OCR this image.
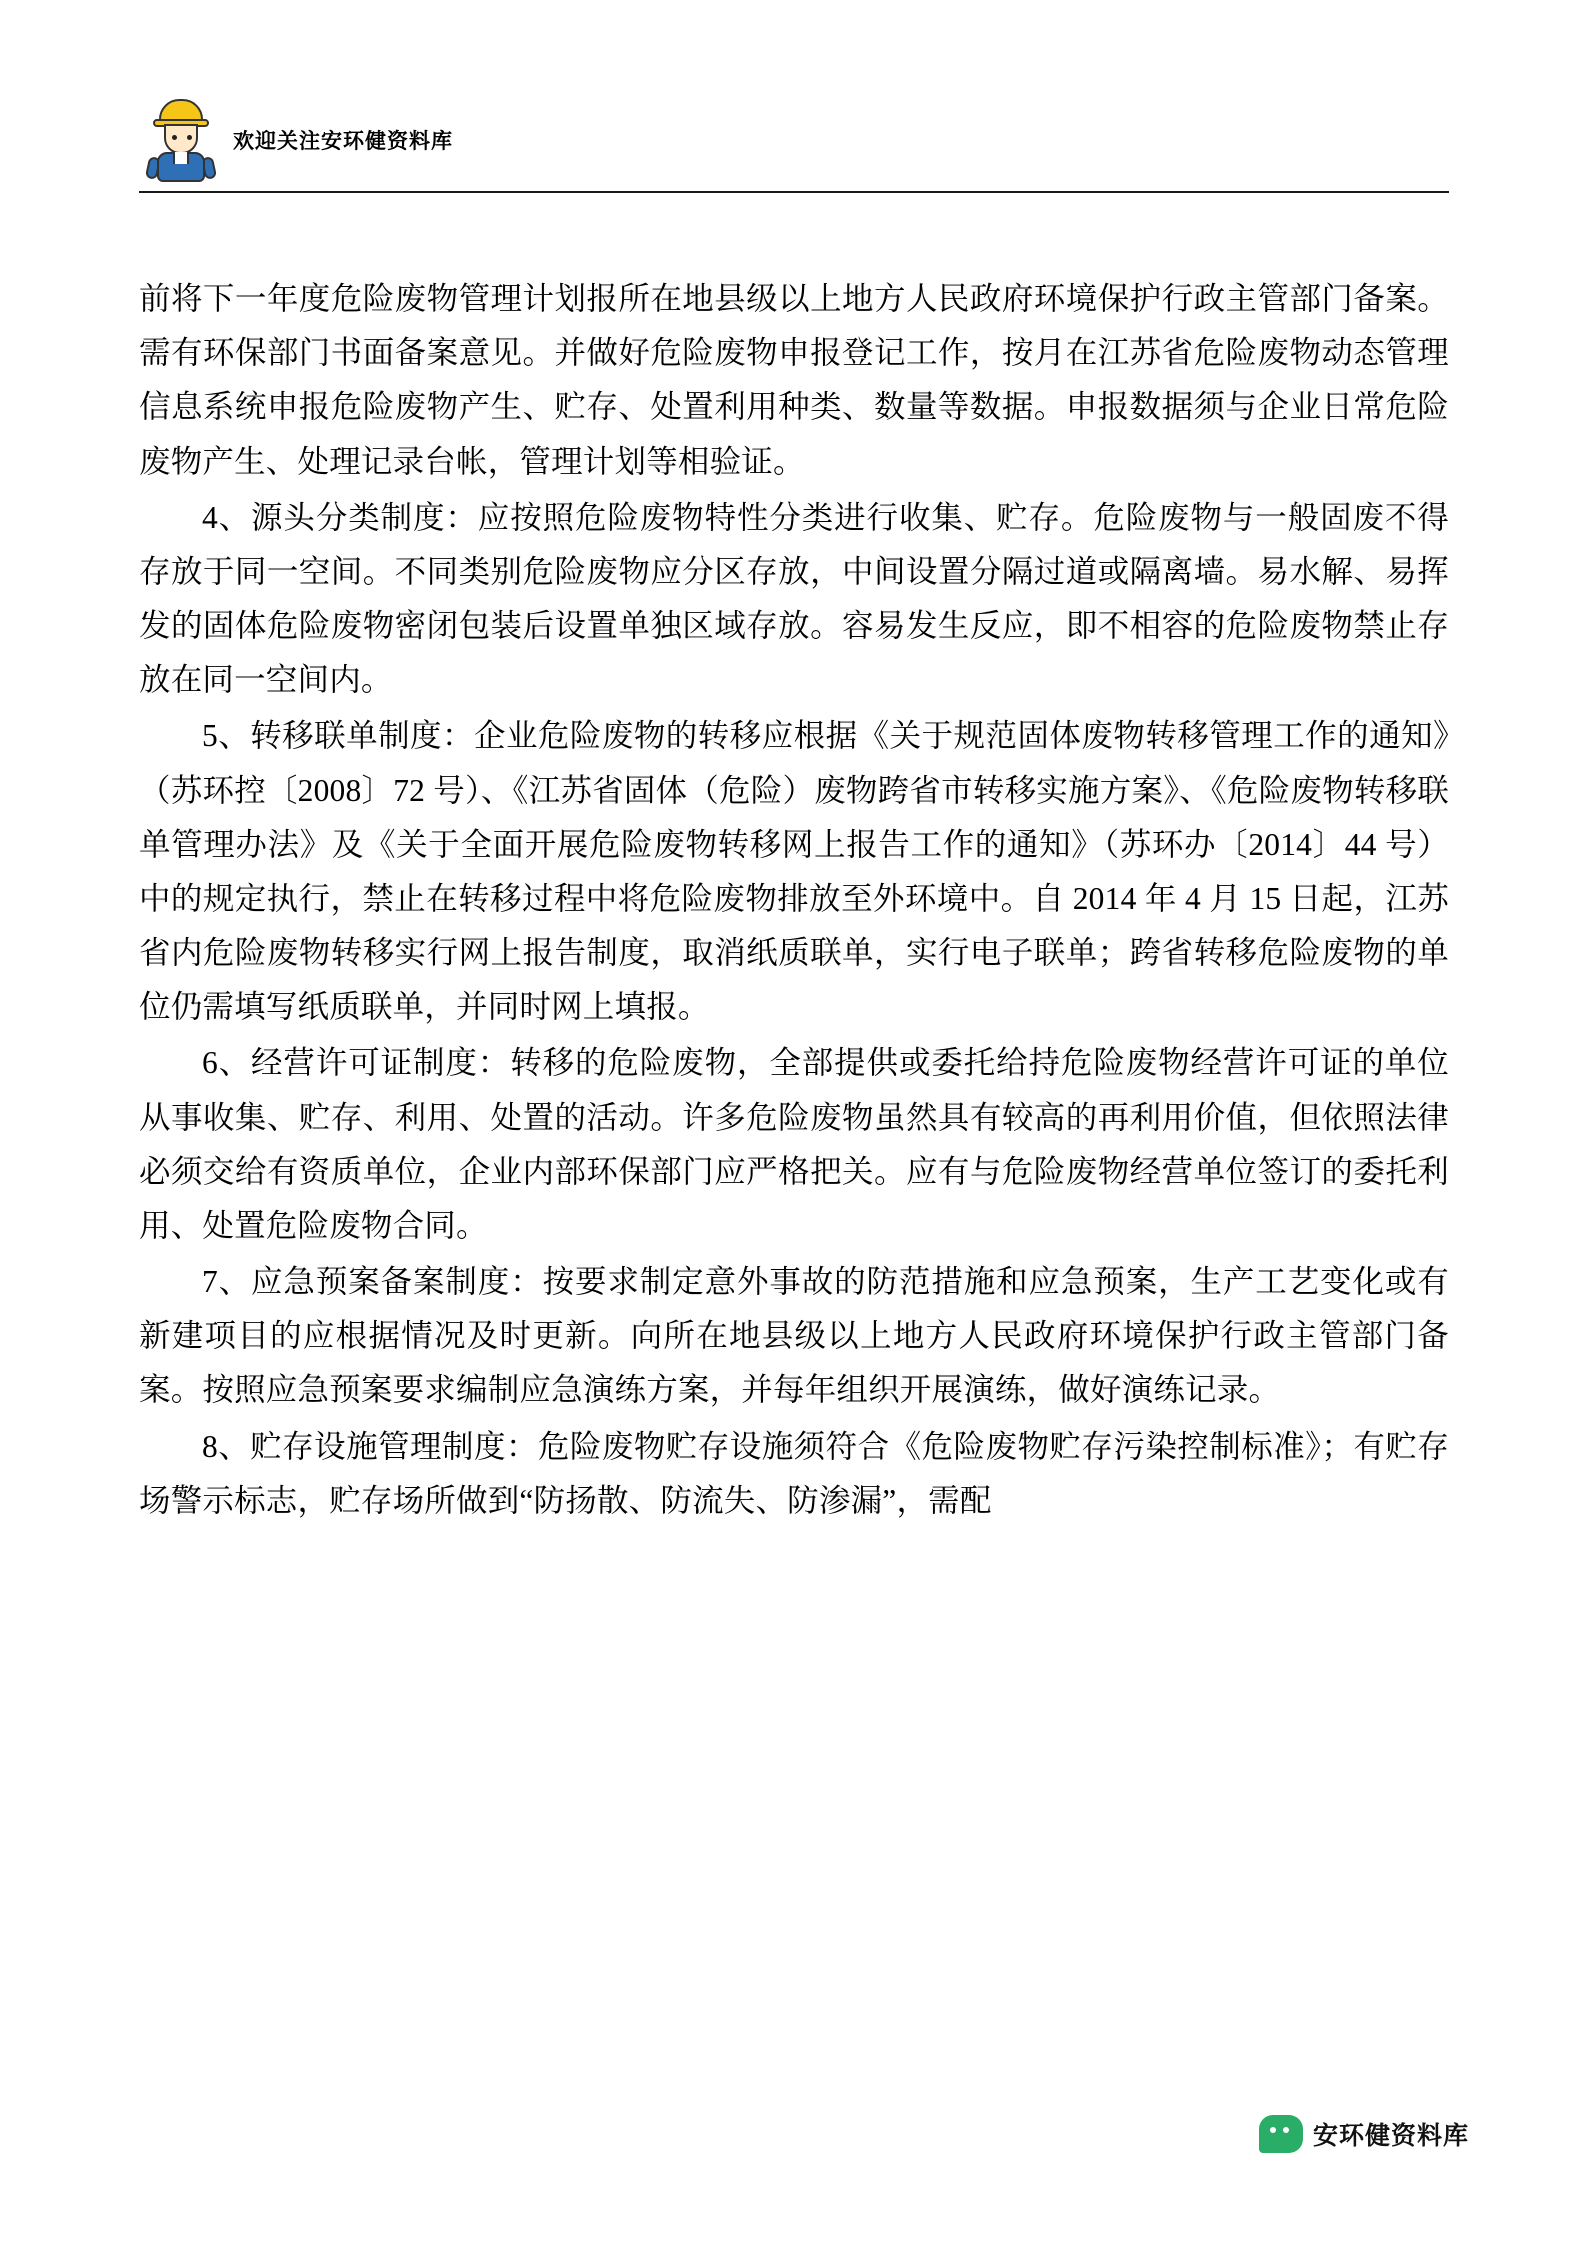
欢迎关注安环健资料库

前将下一年度危险废物管理计划报所在地县级以上地方人民政府环境保护行政主管部门备案。需有环保部门书面备案意见。并做好危险废物申报登记工作，按月在江苏省危险废物动态管理信息系统申报危险废物产生、贮存、处置利用种类、数量等数据。申报数据须与企业日常危险废物产生、处理记录台帐，管理计划等相验证。

4、源头分类制度：应按照危险废物特性分类进行收集、贮存。危险废物与一般固废不得存放于同一空间。不同类别危险废物应分区存放，中间设置分隔过道或隔离墙。易水解、易挥发的固体危险废物密闭包装后设置单独区域存放。容易发生反应，即不相容的危险废物禁止存放在同一空间内。

5、转移联单制度：企业危险废物的转移应根据《关于规范固体废物转移管理工作的通知》（苏环控〔2008〕72 号）、《江苏省固体（危险）废物跨省市转移实施方案》、《危险废物转移联单管理办法》及《关于全面开展危险废物转移网上报告工作的通知》（苏环办〔2014〕44 号）中的规定执行，禁止在转移过程中将危险废物排放至外环境中。自 2014 年 4 月 15 日起，江苏省内危险废物转移实行网上报告制度，取消纸质联单，实行电子联单；跨省转移危险废物的单位仍需填写纸质联单，并同时网上填报。

6、经营许可证制度：转移的危险废物，全部提供或委托给持危险废物经营许可证的单位从事收集、贮存、利用、处置的活动。许多危险废物虽然具有较高的再利用价值，但依照法律必须交给有资质单位，企业内部环保部门应严格把关。应有与危险废物经营单位签订的委托利用、处置危险废物合同。

7、应急预案备案制度：按要求制定意外事故的防范措施和应急预案，生产工艺变化或有新建项目的应根据情况及时更新。向所在地县级以上地方人民政府环境保护行政主管部门备案。按照应急预案要求编制应急演练方案，并每年组织开展演练，做好演练记录。

8、贮存设施管理制度：危险废物贮存设施须符合《危险废物贮存污染控制标准》；有贮存场警示标志，贮存场所做到“防扬散、防流失、防渗漏”，需配

安环健资料库
